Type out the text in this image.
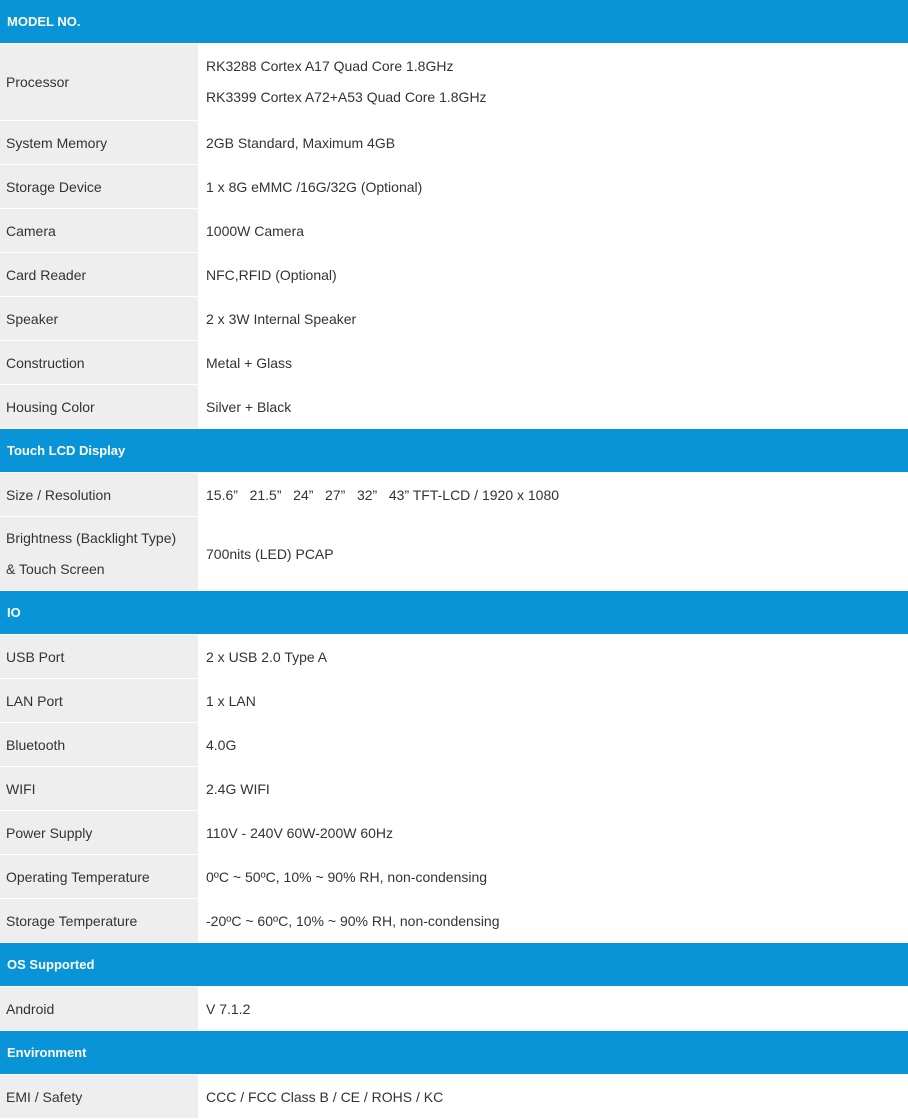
MODEL NO.	
Processor	RK3288 Cortex A17 Quad Core 1.8GHz
RK3399 Cortex A72+A53 Quad Core 1.8GHz

System Memory	2GB Standard, Maximum 4GB
Storage Device	1 x 8G eMMC /16G/32G (Optional)
Camera	1000W Camera
Card Reader	NFC,RFID (Optional)
Speaker	2 x 3W Internal Speaker
Construction	Metal + Glass
Housing Color	Silver + Black
Touch LCD Display	
Size / Resolution	15.6”   21.5”   24”   27”   32”   43” TFT-LCD / 1920 x 1080

Brightness (Backlight Type)
& Touch Screen	700nits (LED) PCAP
IO	
USB Port	2 x USB 2.0 Type A
LAN Port	1 x LAN
Bluetooth	4.0G
WIFI	2.4G WIFI
Power Supply	110V - 240V 60W-200W 60Hz
Operating Temperature	0ºC ~ 50ºC, 10% ~ 90% RH, non-condensing
Storage Temperature	-20ºC ~ 60ºC, 10% ~ 90% RH, non-condensing
OS Supported	
Android	V 7.1.2
Environment	
EMI / Safety	CCC / FCC Class B / CE / ROHS / KC
